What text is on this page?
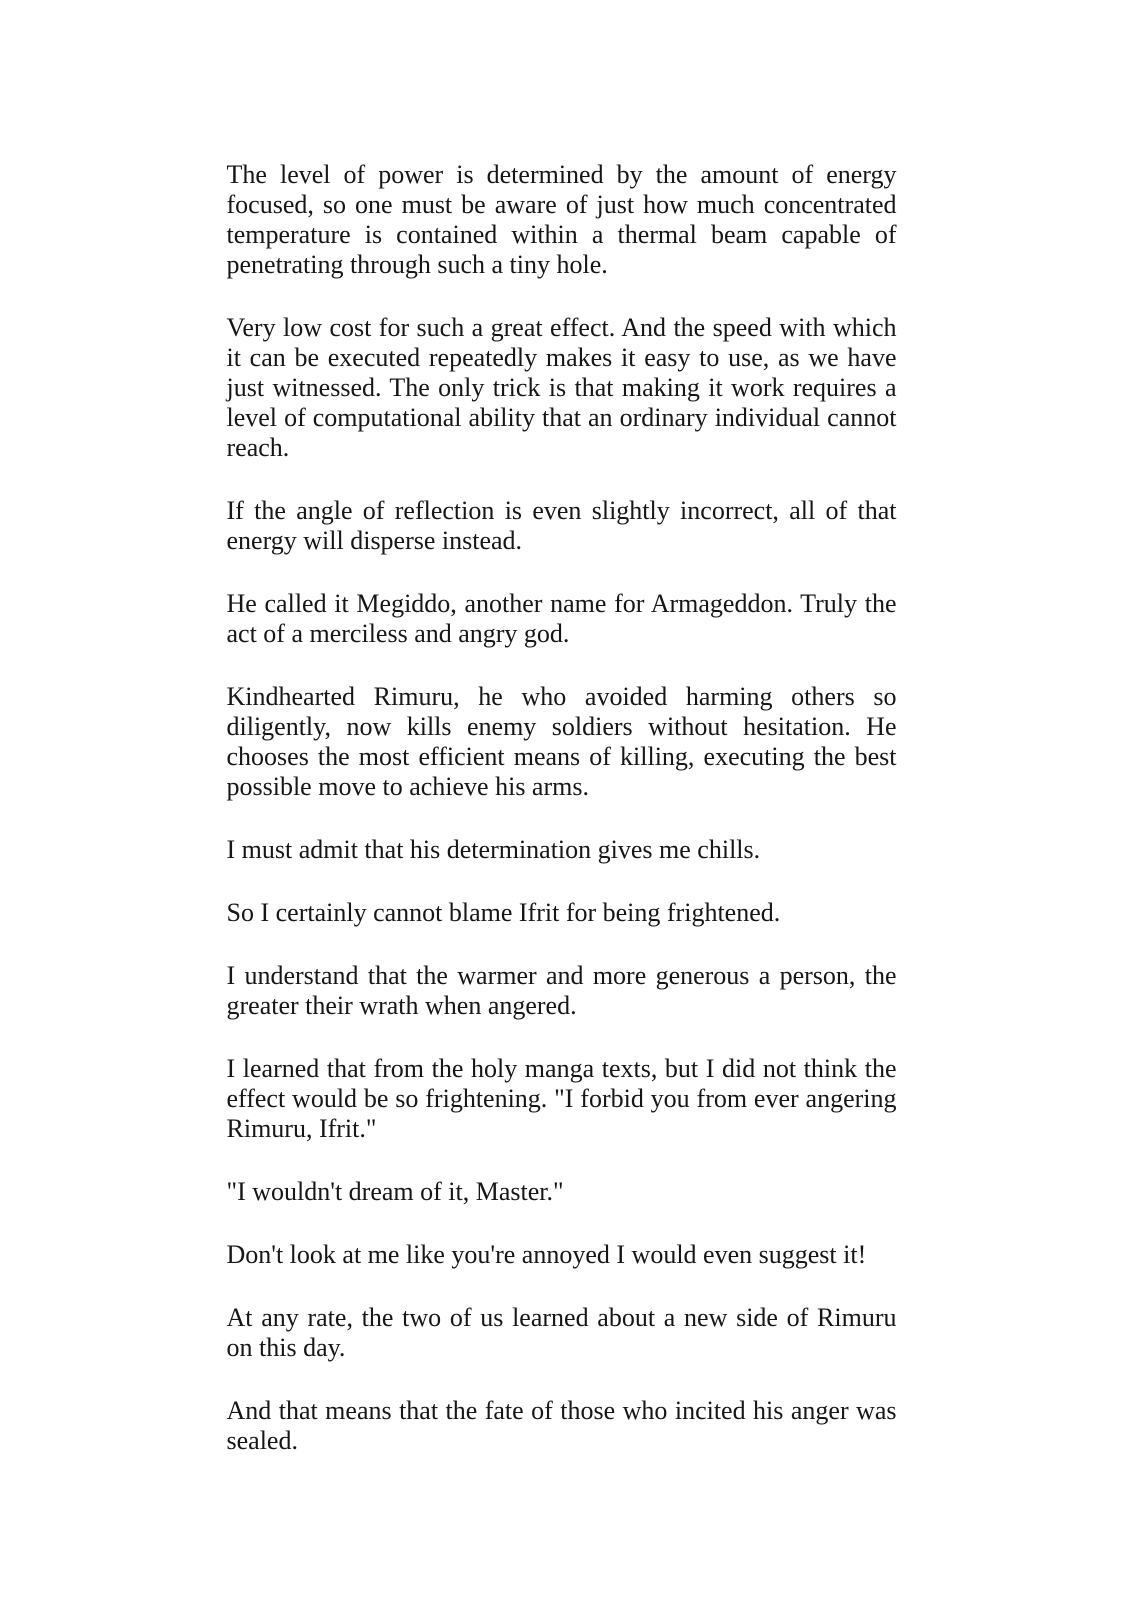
The level of power is determined by the amount of energy focused, so one must be aware of just how much concentrated temperature is contained within a thermal beam capable of penetrating through such a tiny hole.

Very low cost for such a great effect. And the speed with which it can be executed repeatedly makes it easy to use, as we have just witnessed. The only trick is that making it work requires a level of computational ability that an ordinary individual cannot reach.

If the angle of reflection is even slightly incorrect, all of that energy will disperse instead.

He called it Megiddo, another name for Armageddon. Truly the act of a merciless and angry god.

Kindhearted Rimuru, he who avoided harming others so diligently, now kills enemy soldiers without hesitation. He chooses the most efficient means of killing, executing the best possible move to achieve his arms.

I must admit that his determination gives me chills.

So I certainly cannot blame Ifrit for being frightened.

I understand that the warmer and more generous a person, the greater their wrath when angered.

I learned that from the holy manga texts, but I did not think the effect would be so frightening. "I forbid you from ever angering Rimuru, Ifrit."

"I wouldn't dream of it, Master."

Don't look at me like you're annoyed I would even suggest it!

At any rate, the two of us learned about a new side of Rimuru on this day.

And that means that the fate of those who incited his anger was sealed.
